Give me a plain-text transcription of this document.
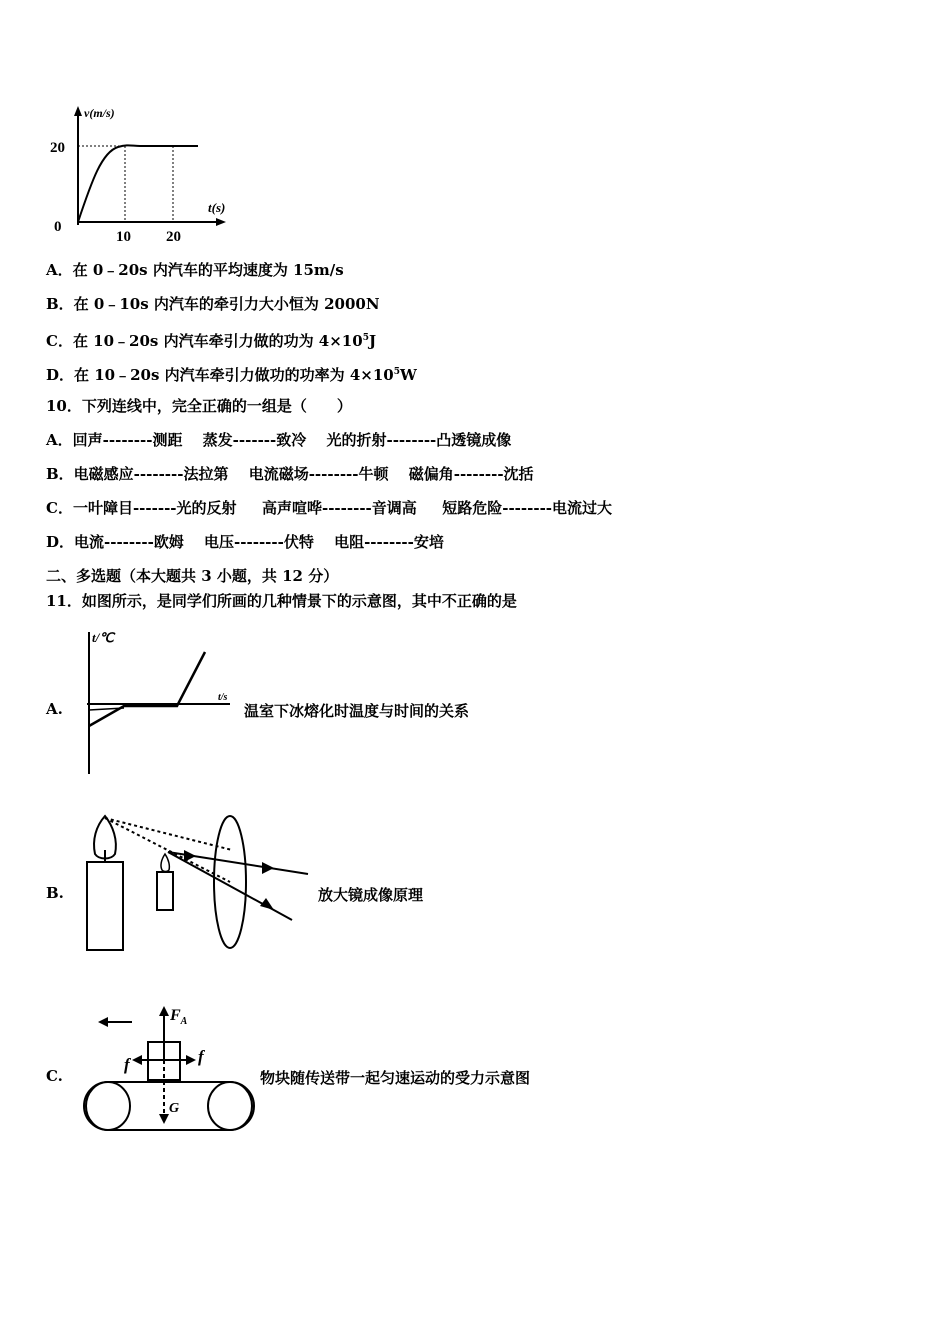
v(m/s)
20
0
t(s)
10 20
A．在 0﹣20s 内汽车的平均速度为 15m/s
B．在 0﹣10s 内汽车的牵引力大小恒为 2000N
C．在 10﹣20s 内汽车牵引力做的功为 $4\times 10^5J$
D．在 10﹣20s 内汽车牵引力做功的功率为 $4\times 10^5W$
10．下列连线中，完全正确的一组是（　　）
A．回声--------测距　 蒸发-------致冷　 光的折射--------凸透镜成像
B．电磁感应--------法拉第　 电流磁场--------牛顿　 磁偏角--------沈括
C．一叶障目-------光的反射　  高声喧哗--------音调高　  短路危险--------电流过大
D．电流--------欧姆　 电压--------伏特　 电阻--------安培
二、多选题（本大题共 3 小题，共 12 分）
11．如图所示，是同学们所画的几种情景下的示意图，其中不正确的是
A.
t/℃
t/s
温室下冰熔化时温度与时间的关系
B.	放大镜成像原理
C.
$F_A$
f	f
G
物块随传送带一起匀速运动的受力示意图
